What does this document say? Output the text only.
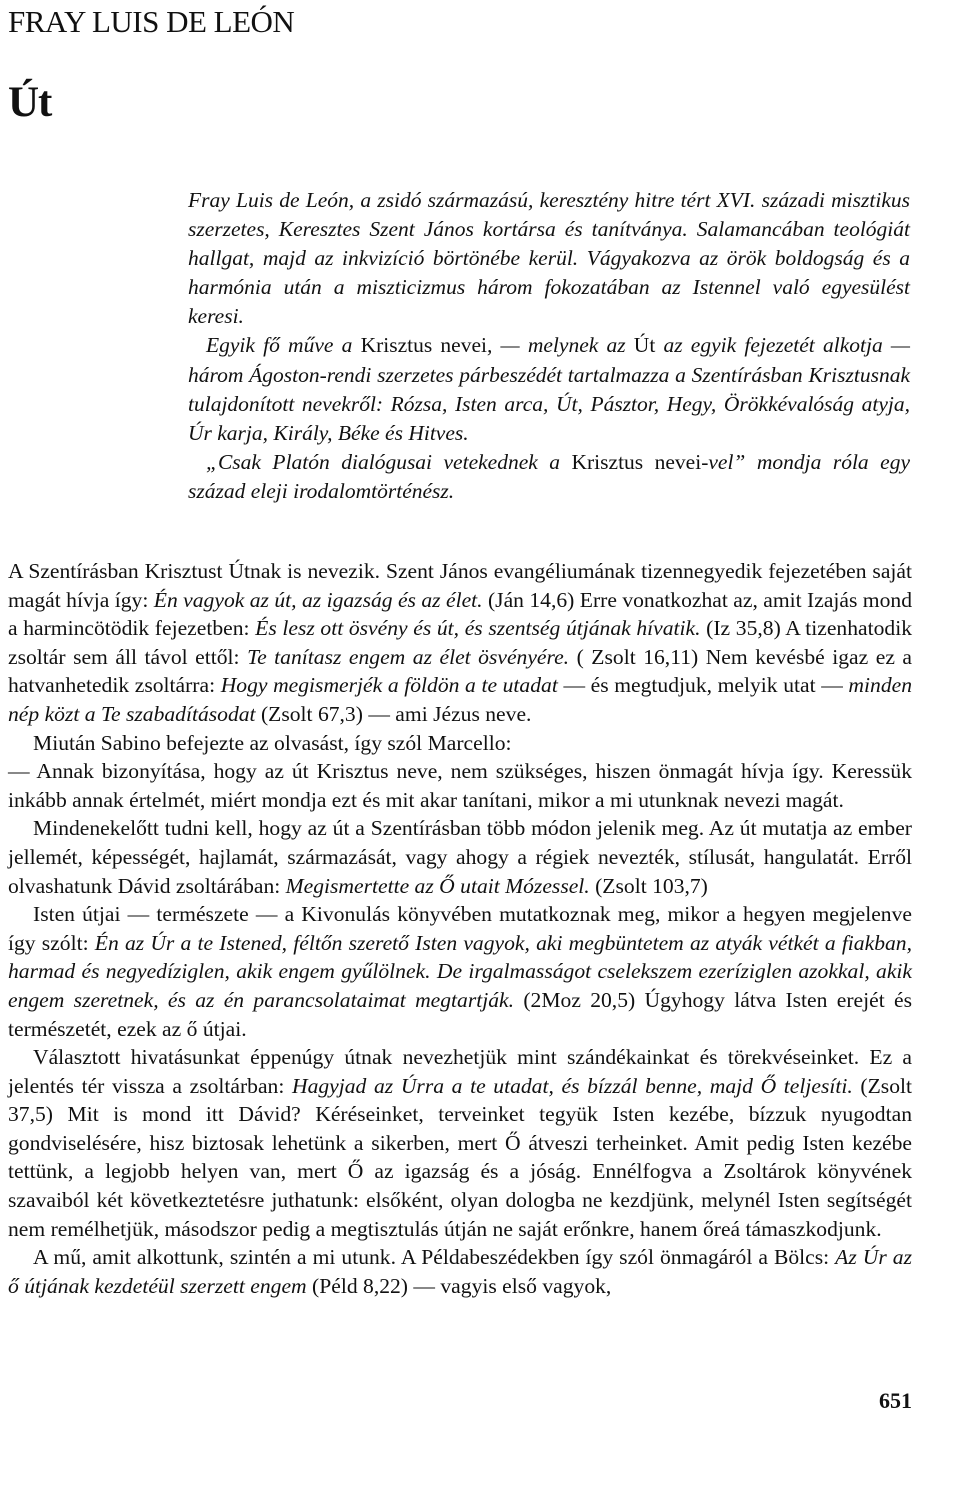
FRAY LUIS DE LEÓN
Út

Fray Luis de León, a zsidó származású, keresztény hitre tért XVI. századi misztikus szerzetes, Keresztes Szent János kortársa és tanítványa. Salamancában teológiát hallgat, majd az inkvizíció börtönébe kerül. Vágyakozva az örök boldogság és a harmónia után a miszticizmus három fokozatában az Istennel való egyesülést keresi.

Egyik fő műve a Krisztus nevei, — melynek az Út az egyik fejezetét alkotja — három Ágoston-rendi szerzetes párbeszédét tartalmazza a Szentírásban Krisztusnak tulajdonított nevekről: Rózsa, Isten arca, Út, Pásztor, Hegy, Örökkévalóság atyja, Úr karja, Király, Béke és Hitves.

„Csak Platón dialógusai vetekednek a Krisztus nevei-vel” mondja róla egy század eleji irodalomtörténész.

A Szentírásban Krisztust Útnak is nevezik. Szent János evangéliumának tizennegyedik fejezetében saját magát hívja így: Én vagyok az út, az igazság és az élet. (Ján 14,6) Erre vonatkozhat az, amit Izajás mond a harmincötödik fejezetben: És lesz ott ösvény és út, és szentség útjának hívatik. (Iz 35,8) A tizenhatodik zsoltár sem áll távol ettől: Te tanítasz engem az élet ösvényére. ( Zsolt 16,11) Nem kevésbé igaz ez a hatvanhetedik zsoltárra: Hogy megismerjék a földön a te utadat — és megtudjuk, melyik utat — minden nép közt a Te szabadításodat (Zsolt 67,3) — ami Jézus neve.

Miután Sabino befejezte az olvasást, így szól Marcello:

— Annak bizonyítása, hogy az út Krisztus neve, nem szükséges, hiszen önmagát hívja így. Keressük inkább annak értelmét, miért mondja ezt és mit akar tanítani, mikor a mi utunknak nevezi magát.

Mindenekelőtt tudni kell, hogy az út a Szentírásban több módon jelenik meg. Az út mutatja az ember jellemét, képességét, hajlamát, származását, vagy ahogy a régiek nevezték, stílusát, hangulatát. Erről olvashatunk Dávid zsoltárában: Megismertette az Ő utait Mózessel. (Zsolt 103,7)

Isten útjai — természete — a Kivonulás könyvében mutatkoznak meg, mikor a hegyen megjelenve így szólt: Én az Úr a te Istened, féltőn szerető Isten vagyok, aki megbüntetem az atyák vétkét a fiakban, harmad és negyedíziglen, akik engem gyűlölnek. De irgalmasságot cselekszem ezeríziglen azokkal, akik engem szeretnek, és az én parancsolataimat megtartják. (2Moz 20,5) Úgyhogy látva Isten erejét és természetét, ezek az ő útjai.

Választott hivatásunkat éppenúgy útnak nevezhetjük mint szándékainkat és törekvéseinket. Ez a jelentés tér vissza a zsoltárban: Hagyjad az Úrra a te utadat, és bízzál benne, majd Ő teljesíti. (Zsolt 37,5) Mit is mond itt Dávid? Kéréseinket, terveinket tegyük Isten kezébe, bízzuk nyugodtan gondviselésére, hisz biztosak lehetünk a sikerben, mert Ő átveszi terheinket. Amit pedig Isten kezébe tettünk, a legjobb helyen van, mert Ő az igazság és a jóság. Ennélfogva a Zsoltárok könyvének szavaiból két következtetésre juthatunk: elsőként, olyan dologba ne kezdjünk, melynél Isten segítségét nem remélhetjük, másodszor pedig a megtisztulás útján ne saját erőnkre, hanem őreá támaszkodjunk.

A mű, amit alkottunk, szintén a mi utunk. A Példabeszédekben így szól önmagáról a Bölcs: Az Úr az ő útjának kezdetéül szerzett engem (Péld 8,22) — vagyis első vagyok,

651
